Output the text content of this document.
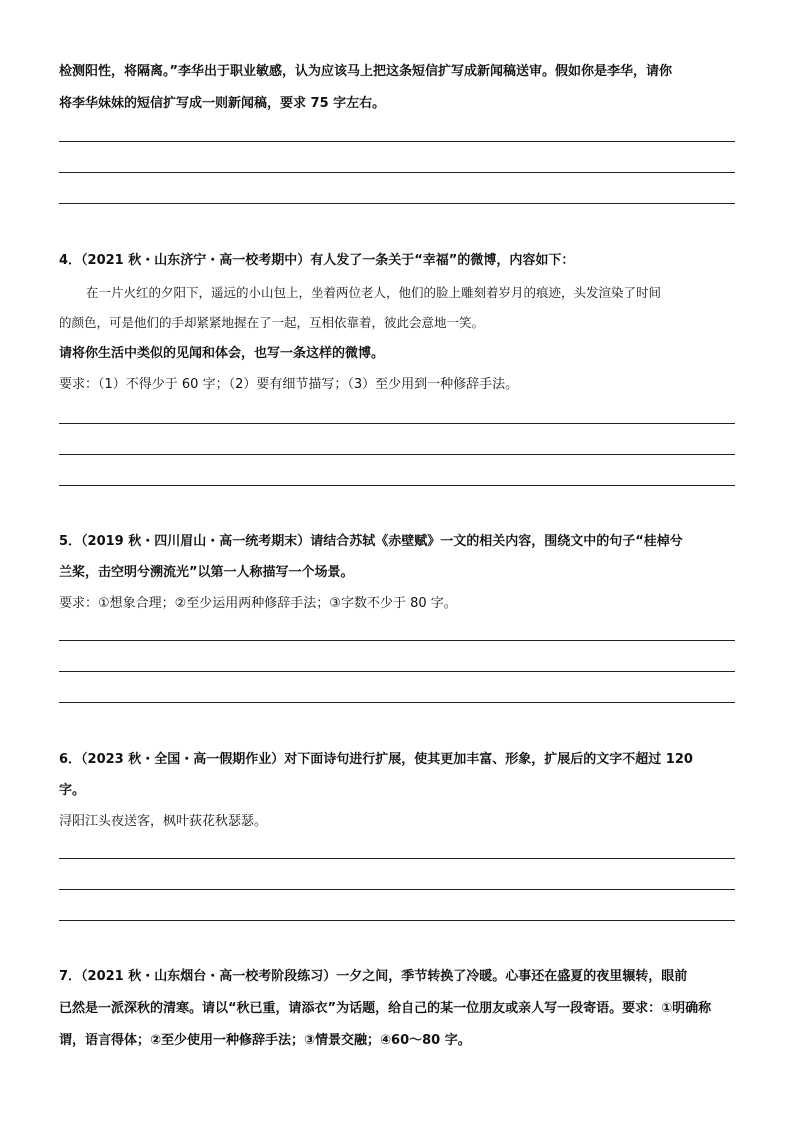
检测阳性，将隔离。”李华出于职业敏感，认为应该马上把这条短信扩写成新闻稿送审。假如你是李华，请你
将李华妹妹的短信扩写成一则新闻稿，要求 75 字左右。
4．（2021 秋・山东济宁・高一校考期中）有人发了一条关于“幸福”的微博，内容如下：
在一片火红的夕阳下，遥远的小山包上，坐着两位老人，他们的脸上雕刻着岁月的痕迹，头发渲染了时间
的颜色，可是他们的手却紧紧地握在了一起，互相依靠着，彼此会意地一笑。
请将你生活中类似的见闻和体会，也写一条这样的微博。
要求：（1）不得少于 60 字；（2）要有细节描写；（3）至少用到一种修辞手法。
5．（2019 秋・四川眉山・高一统考期末）请结合苏轼《赤壁赋》一文的相关内容，围绕文中的句子“桂棹兮
兰桨，击空明兮溯流光”以第一人称描写一个场景。
要求：①想象合理；②至少运用两种修辞手法；③字数不少于 80 字。
6．（2023 秋・全国・高一假期作业）对下面诗句进行扩展，使其更加丰富、形象，扩展后的文字不超过 120
字。
浔阳江头夜送客，枫叶荻花秋瑟瑟。
7．（2021 秋・山东烟台・高一校考阶段练习）一夕之间，季节转换了冷暖。心事还在盛夏的夜里辗转，眼前
已然是一派深秋的清寒。请以“秋已重，请添衣”为话题，给自己的某一位朋友或亲人写一段寄语。要求：①明确称
谓，语言得体；②至少使用一种修辞手法；③情景交融；④60～80 字。
